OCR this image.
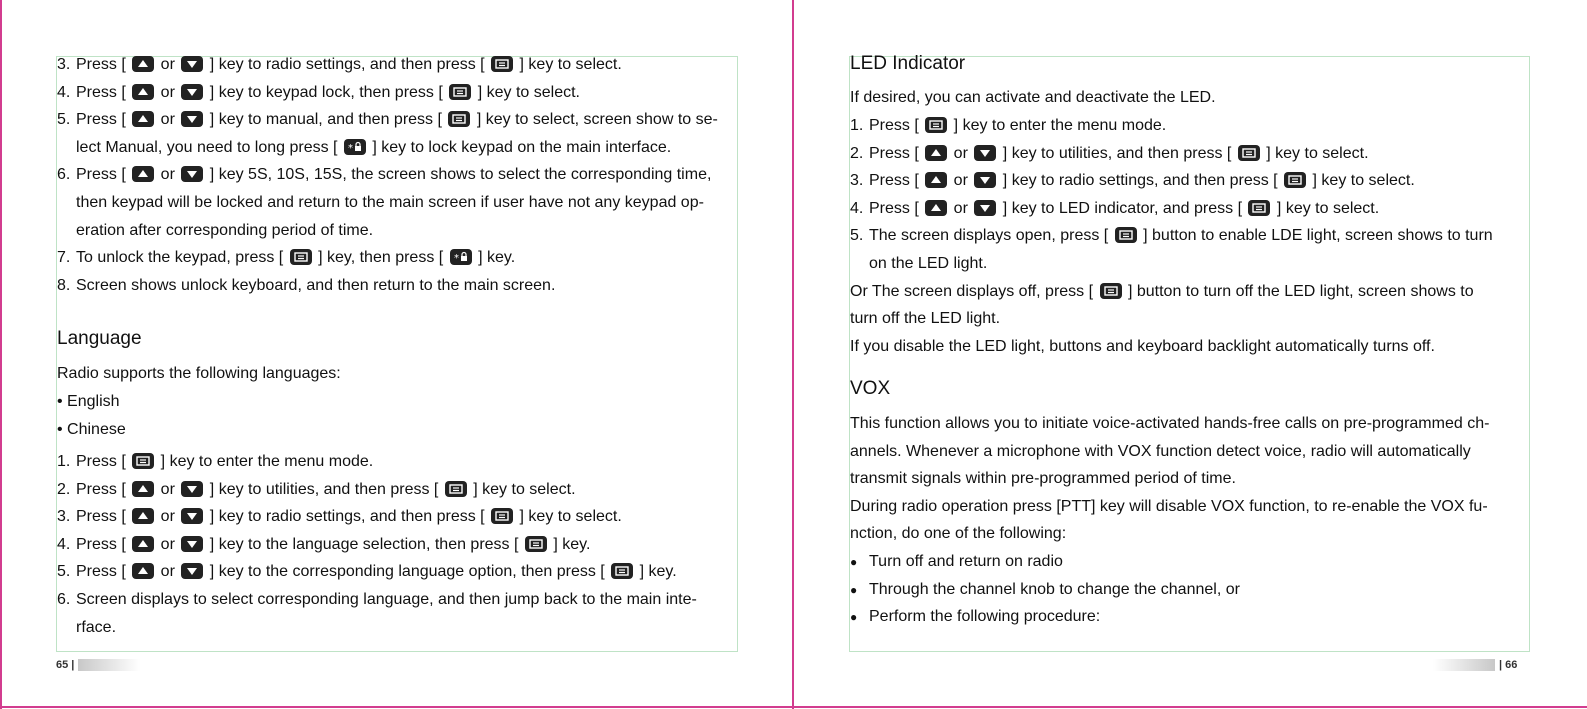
3. Press [
or
] key to radio settings, and then press [
] key to select.
4. Press [
or
] key to keypad lock, then press [
] key to select.
5. Press [
or
] key to manual, and then press [
] key to select, screen show to se-
lect Manual, you need to long press [ * ] key to lock keypad on the main interface.
6. Press [
or
] key 5S, 10S, 15S, the screen shows to select the corresponding time,
then keypad will be locked and return to the main screen if user have not any keypad op-
eration after corresponding period of time.
7. To unlock the keypad, press [
] key, then press [ * ] key.
8. Screen shows unlock keyboard, and then return to the main screen.
Language
Radio supports the following languages:
• English
• Chinese
1. Press [
] key to enter the menu mode.
2. Press [
or
] key to utilities, and then press [
] key to select.
3. Press [
or
] key to radio settings, and then press [
] key to select.
4. Press [
or
] key to the language selection, then press [
] key.
5. Press [
or
] key to the corresponding language option, then press [
] key.
6. Screen displays to select corresponding language, and then jump back to the main inte-
rface.
65 |
LED Indicator
If desired, you can activate and deactivate the LED.
1. Press [
] key to enter the menu mode.
2. Press [
or
] key to utilities, and then press [
] key to select.
3. Press [
or
] key to radio settings, and then press [
] key to select.
4. Press [
or
] key to LED indicator, and press [
] key to select.
5. The screen displays open, press [
] button to enable LDE light, screen shows to turn
on the LED light.
Or The screen displays off, press [
] button to turn off the LED light, screen shows to
turn off the LED light.
If you disable the LED light, buttons and keyboard backlight automatically turns off.
VOX
This function allows you to initiate voice-activated hands-free calls on pre-programmed ch-
annels. Whenever a microphone with VOX function detect voice, radio will automatically
transmit signals within pre-programmed period of time.
During radio operation press [PTT] key will disable VOX function, to re-enable the VOX fu-
nction, do one of the following:
● Turn off and return on radio
● Through the channel knob to change the channel, or
● Perform the following procedure:
| 66
